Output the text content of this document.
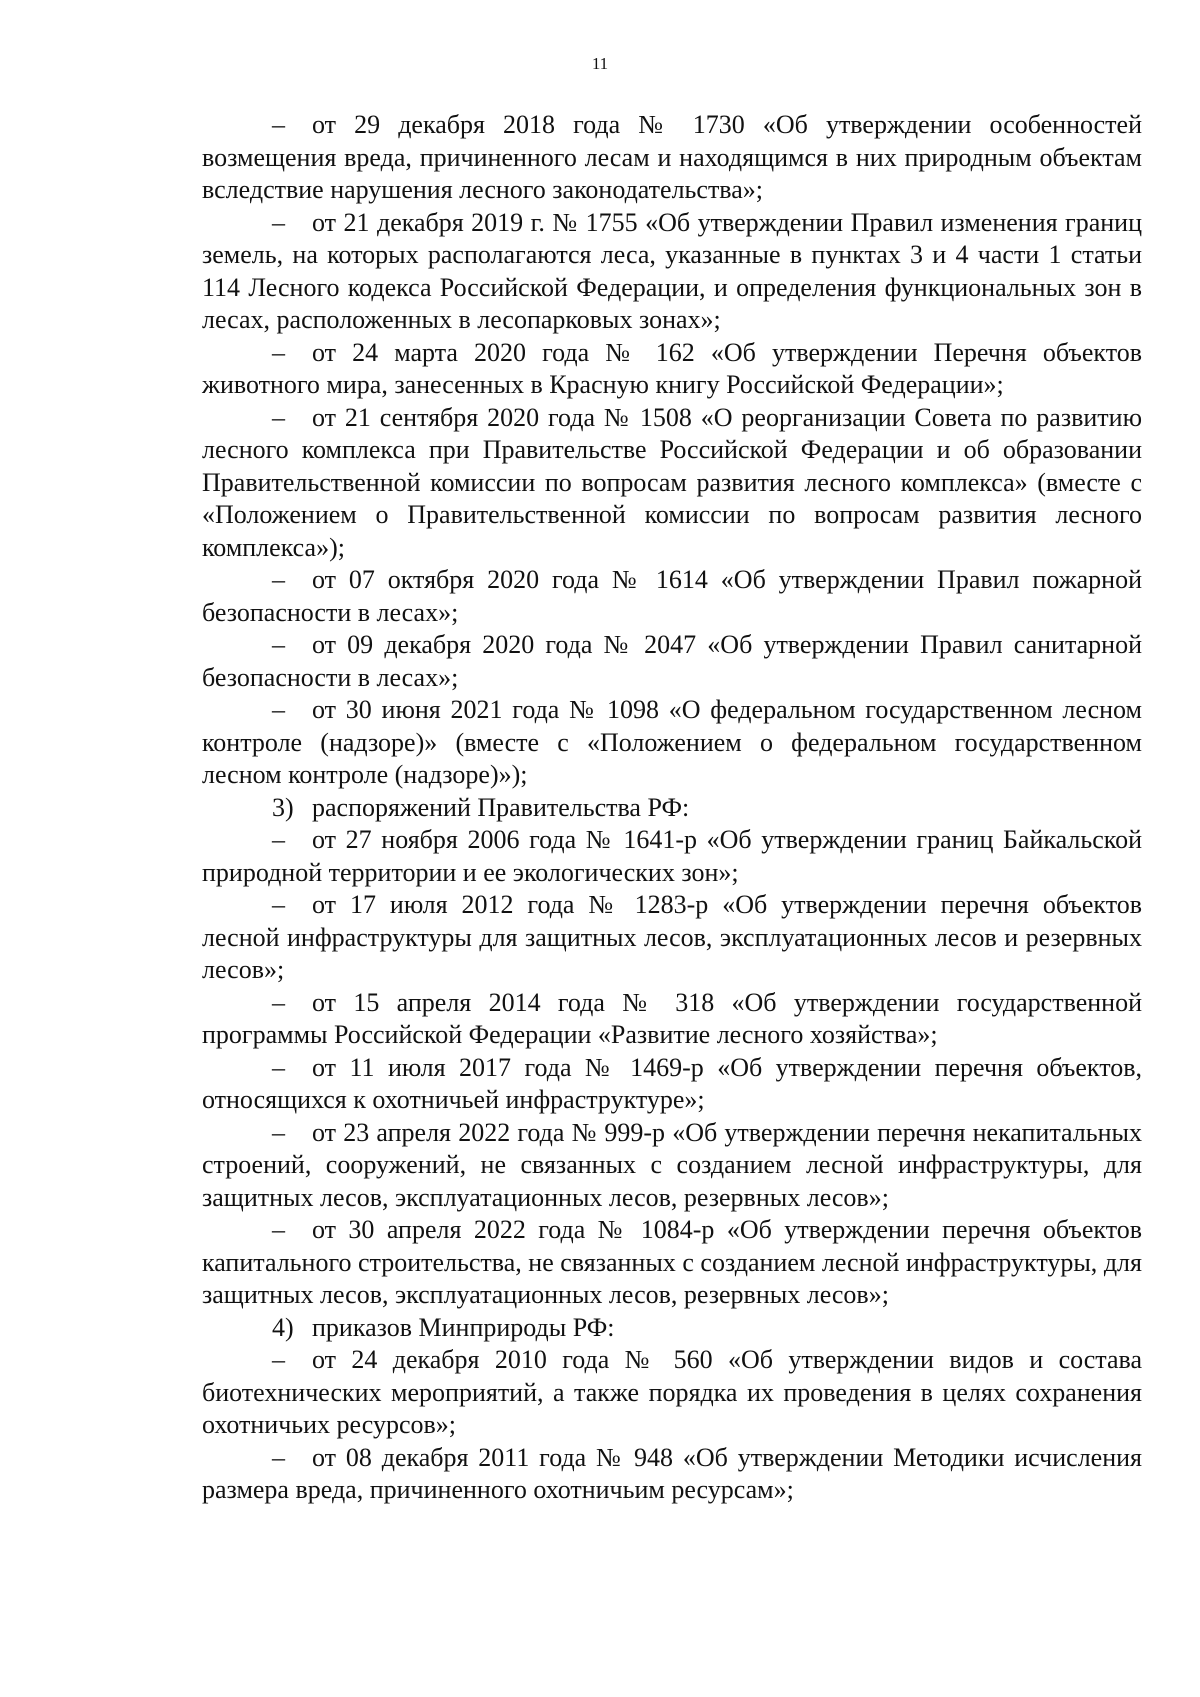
11

– от 29 декабря 2018 года № 1730 «Об утверждении особенностей возмещения вреда, причиненного лесам и находящимся в них природным объектам вследствие нарушения лесного законодательства»;

– от 21 декабря 2019 г. № 1755 «Об утверждении Правил изменения границ земель, на которых располагаются леса, указанные в пунктах 3 и 4 части 1 статьи 114 Лесного кодекса Российской Федерации, и определения функциональных зон в лесах, расположенных в лесопарковых зонах»;

– от 24 марта 2020 года № 162 «Об утверждении Перечня объектов животного мира, занесенных в Красную книгу Российской Федерации»;

– от 21 сентября 2020 года № 1508 «О реорганизации Совета по развитию лесного комплекса при Правительстве Российской Федерации и об образовании Правительственной комиссии по вопросам развития лесного комплекса» (вместе с «Положением о Правительственной комиссии по вопросам развития лесного комплекса»);

– от 07 октября 2020 года № 1614 «Об утверждении Правил пожарной безопасности в лесах»;

– от 09 декабря 2020 года № 2047 «Об утверждении Правил санитарной безопасности в лесах»;

– от 30 июня 2021 года № 1098 «О федеральном государственном лесном контроле (надзоре)» (вместе с «Положением о федеральном государственном лесном контроле (надзоре)»);

3) распоряжений Правительства РФ:

– от 27 ноября 2006 года № 1641-р «Об утверждении границ Байкальской природной территории и ее экологических зон»;

– от 17 июля 2012 года № 1283-р «Об утверждении перечня объектов лесной инфраструктуры для защитных лесов, эксплуатационных лесов и резервных лесов»;

– от 15 апреля 2014 года № 318 «Об утверждении государственной программы Российской Федерации «Развитие лесного хозяйства»;

– от 11 июля 2017 года № 1469-р «Об утверждении перечня объектов, относящихся к охотничьей инфраструктуре»;

– от 23 апреля 2022 года № 999-р «Об утверждении перечня некапитальных строений, сооружений, не связанных с созданием лесной инфраструктуры, для защитных лесов, эксплуатационных лесов, резервных лесов»;

– от 30 апреля 2022 года № 1084-р «Об утверждении перечня объектов капитального строительства, не связанных с созданием лесной инфраструктуры, для защитных лесов, эксплуатационных лесов, резервных лесов»;

4) приказов Минприроды РФ:

– от 24 декабря 2010 года № 560 «Об утверждении видов и состава биотехнических мероприятий, а также порядка их проведения в целях сохранения охотничьих ресурсов»;

– от 08 декабря 2011 года № 948 «Об утверждении Методики исчисления размера вреда, причиненного охотничьим ресурсам»;
